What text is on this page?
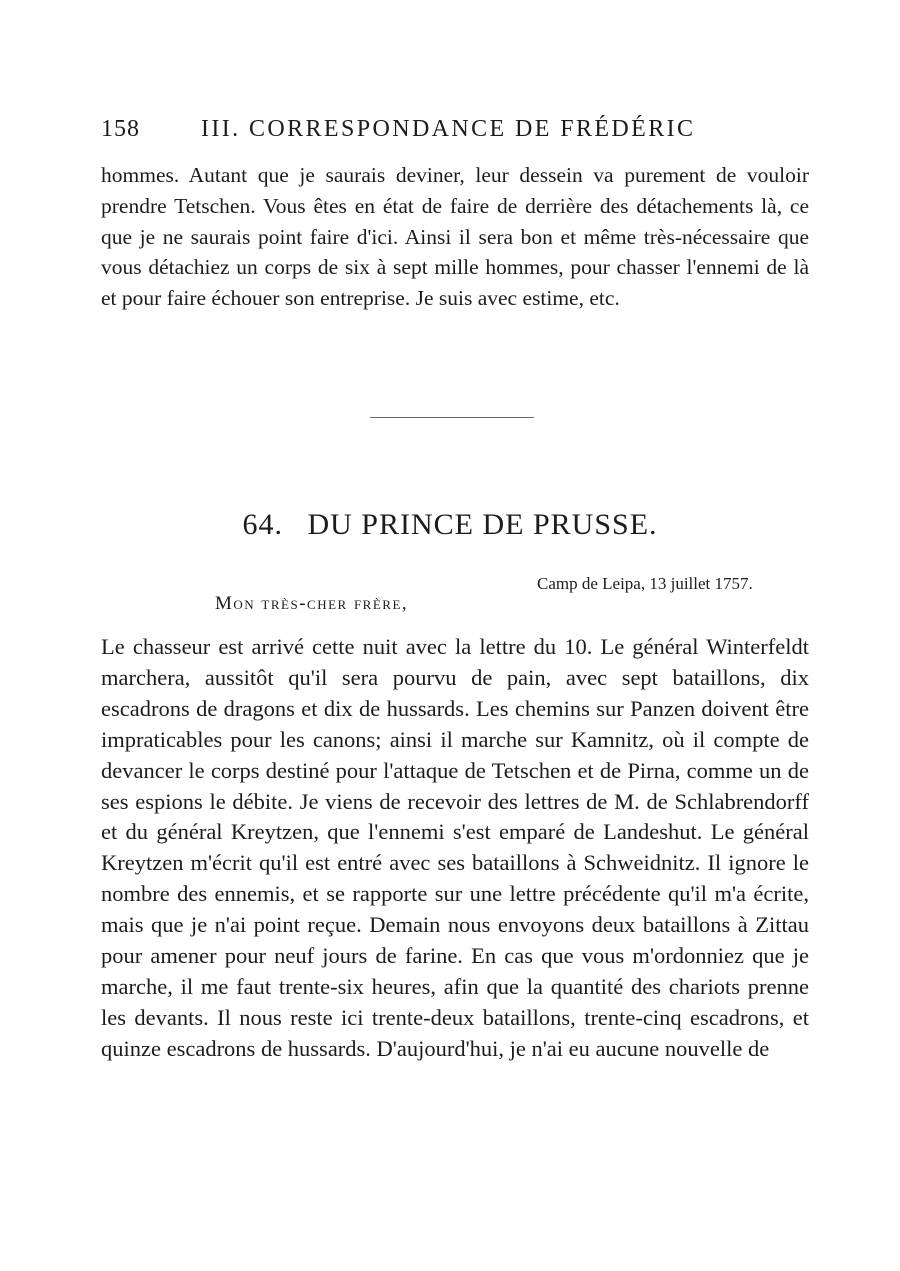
158	III. CORRESPONDANCE DE FRÉDÉRIC

hommes. Autant que je saurais deviner, leur dessein va purement de vouloir prendre Tetschen. Vous êtes en état de faire de derrière des détachements là, ce que je ne saurais point faire d'ici. Ainsi il sera bon et même très-nécessaire que vous détachiez un corps de six à sept mille hommes, pour chasser l'ennemi de là et pour faire échouer son entreprise. Je suis avec estime, etc.

64. DU PRINCE DE PRUSSE.
Camp de Leipa, 13 juillet 1757.
Mon très-cher frère,

Le chasseur est arrivé cette nuit avec la lettre du 10. Le général Winterfeldt marchera, aussitôt qu'il sera pourvu de pain, avec sept bataillons, dix escadrons de dragons et dix de hussards. Les chemins sur Panzen doivent être impraticables pour les canons; ainsi il marche sur Kamnitz, où il compte de devancer le corps destiné pour l'attaque de Tetschen et de Pirna, comme un de ses espions le débite. Je viens de recevoir des lettres de M. de Schlabrendorff et du général Kreytzen, que l'ennemi s'est emparé de Landeshut. Le général Kreytzen m'écrit qu'il est entré avec ses bataillons à Schweidnitz. Il ignore le nombre des ennemis, et se rapporte sur une lettre précédente qu'il m'a écrite, mais que je n'ai point reçue. Demain nous envoyons deux bataillons à Zittau pour amener pour neuf jours de farine. En cas que vous m'ordonniez que je marche, il me faut trente-six heures, afin que la quantité des chariots prenne les devants. Il nous reste ici trente-deux bataillons, trente-cinq escadrons, et quinze escadrons de hussards. D'aujourd'hui, je n'ai eu aucune nouvelle de
